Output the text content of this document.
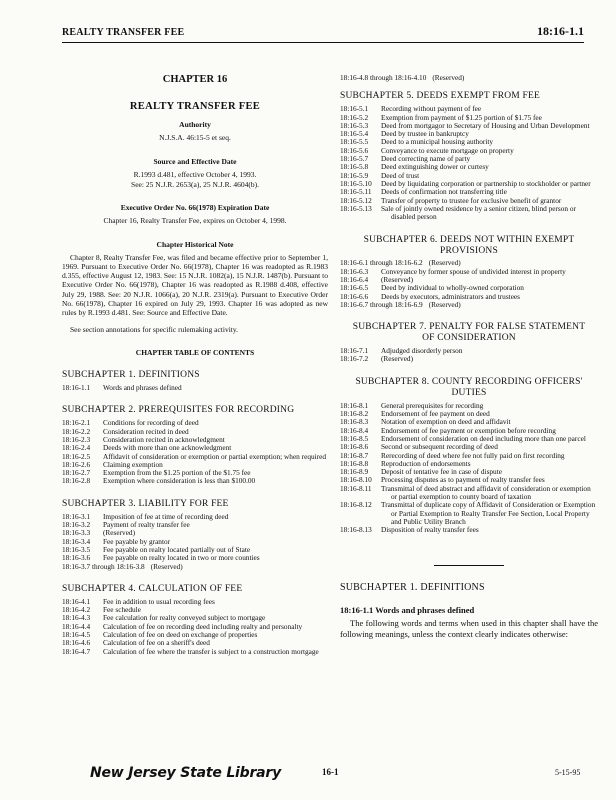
REALTY TRANSFER FEE	18:16-1.1
CHAPTER 16
REALTY TRANSFER FEE
Authority
N.J.S.A. 46:15-5 et seq.
Source and Effective Date
R.1993 d.481, effective October 4, 1993.
See: 25 N.J.R. 2653(a), 25 N.J.R. 4604(b).
Executive Order No. 66(1978) Expiration Date
Chapter 16, Realty Transfer Fee, expires on October 4, 1998.
Chapter Historical Note

Chapter 8, Realty Transfer Fee, was filed and became effective prior to September 1, 1969. Pursuant to Executive Order No. 66(1978), Chapter 16 was readopted as R.1983 d.355, effective August 12, 1983. See: 15 N.J.R. 1082(a), 15 N.J.R. 1487(b). Pursuant to Executive Order No. 66(1978), Chapter 16 was readopted as R.1988 d.408, effective July 29, 1988. See: 20 N.J.R. 1066(a), 20 N.J.R. 2319(a). Pursuant to Executive Order No. 66(1978), Chapter 16 expired on July 29, 1993. Chapter 16 was adopted as new rules by R.1993 d.481. See: Source and Effective Date.

See section annotations for specific rulemaking activity.

CHAPTER TABLE OF CONTENTS
SUBCHAPTER 1. DEFINITIONS
18:16-1.1	Words and phrases defined
SUBCHAPTER 2. PREREQUISITES FOR RECORDING
18:16-2.1	Conditions for recording of deed
18:16-2.2	Consideration recited in deed
18:16-2.3	Consideration recited in acknowledgment
18:16-2.4	Deeds with more than one acknowledgment
18:16-2.5	Affidavit of consideration or exemption or partial exemption; when required
18:16-2.6	Claiming exemption
18:16-2.7	Exemption from the $1.25 portion of the $1.75 fee
18:16-2.8	Exemption where consideration is less than $100.00
SUBCHAPTER 3. LIABILITY FOR FEE
18:16-3.1	Imposition of fee at time of recording deed
18:16-3.2	Payment of realty transfer fee
18:16-3.3	(Reserved)
18:16-3.4	Fee payable by grantor
18:16-3.5	Fee payable on realty located partially out of State
18:16-3.6	Fee payable on realty located in two or more counties
18:16-3.7 through 18:16-3.8 (Reserved)
SUBCHAPTER 4. CALCULATION OF FEE
18:16-4.1	Fee in addition to usual recording fees
18:16-4.2	Fee schedule
18:16-4.3	Fee calculation for realty conveyed subject to mortgage
18:16-4.4	Calculation of fee on recording deed including realty and personalty
18:16-4.5	Calculation of fee on deed on exchange of properties
18:16-4.6	Calculation of fee on a sheriff's deed
18:16-4.7	Calculation of fee where the transfer is subject to a construction mortgage
18:16-4.8 through 18:16-4.10 (Reserved)
SUBCHAPTER 5. DEEDS EXEMPT FROM FEE
18:16-5.1	Recording without payment of fee
18:16-5.2	Exemption from payment of $1.25 portion of $1.75 fee
18:16-5.3	Deed from mortgagor to Secretary of Housing and Urban Development
18:16-5.4	Deed by trustee in bankruptcy
18:16-5.5	Deed to a municipal housing authority
18:16-5.6	Conveyance to execute mortgage on property
18:16-5.7	Deed correcting name of party
18:16-5.8	Deed extinguishing dower or curtesy
18:16-5.9	Deed of trust
18:16-5.10	Deed by liquidating corporation or partnership to stockholder or partner
18:16-5.11	Deeds of confirmation not transferring title
18:16-5.12	Transfer of property to trustee for exclusive benefit of grantor
18:16-5.13	Sale of jointly owned residence by a senior citizen, blind person or disabled person
SUBCHAPTER 6. DEEDS NOT WITHIN EXEMPT
PROVISIONS
18:16-6.1 through 18:16-6.2 (Reserved)
18:16-6.3	Conveyance by former spouse of undivided interest in property
18:16-6.4	(Reserved)
18:16-6.5	Deed by individual to wholly-owned corporation
18:16-6.6	Deeds by executors, administrators and trustees
18:16-6.7 through 18:16-6.9 (Reserved)
SUBCHAPTER 7. PENALTY FOR FALSE STATEMENT
OF CONSIDERATION
18:16-7.1	Adjudged disorderly person
18:16-7.2	(Reserved)
SUBCHAPTER 8. COUNTY RECORDING OFFICERS'
DUTIES
18:16-8.1	General prerequisites for recording
18:16-8.2	Endorsement of fee payment on deed
18:16-8.3	Notation of exemption on deed and affidavit
18:16-8.4	Endorsement of fee payment or exemption before recording
18:16-8.5	Endorsement of consideration on deed including more than one parcel
18:16-8.6	Second or subsequent recording of deed
18:16-8.7	Rerecording of deed where fee not fully paid on first recording
18:16-8.8	Reproduction of endorsements
18:16-8.9	Deposit of tentative fee in case of dispute
18:16-8.10	Processing disputes as to payment of realty transfer fees
18:16-8.11	Transmittal of deed abstract and affidavit of consideration or exemption or partial exemption to county board of taxation
18:16-8.12	Transmittal of duplicate copy of Affidavit of Consideration or Exemption or Partial Exemption to Realty Transfer Fee Section, Local Property and Public Utility Branch
18:16-8.13	Disposition of realty transfer fees
SUBCHAPTER 1. DEFINITIONS
18:16-1.1 Words and phrases defined

The following words and terms when used in this chapter shall have the following meanings, unless the context clearly indicates otherwise:

New Jersey State Library	16-1	5-15-95
